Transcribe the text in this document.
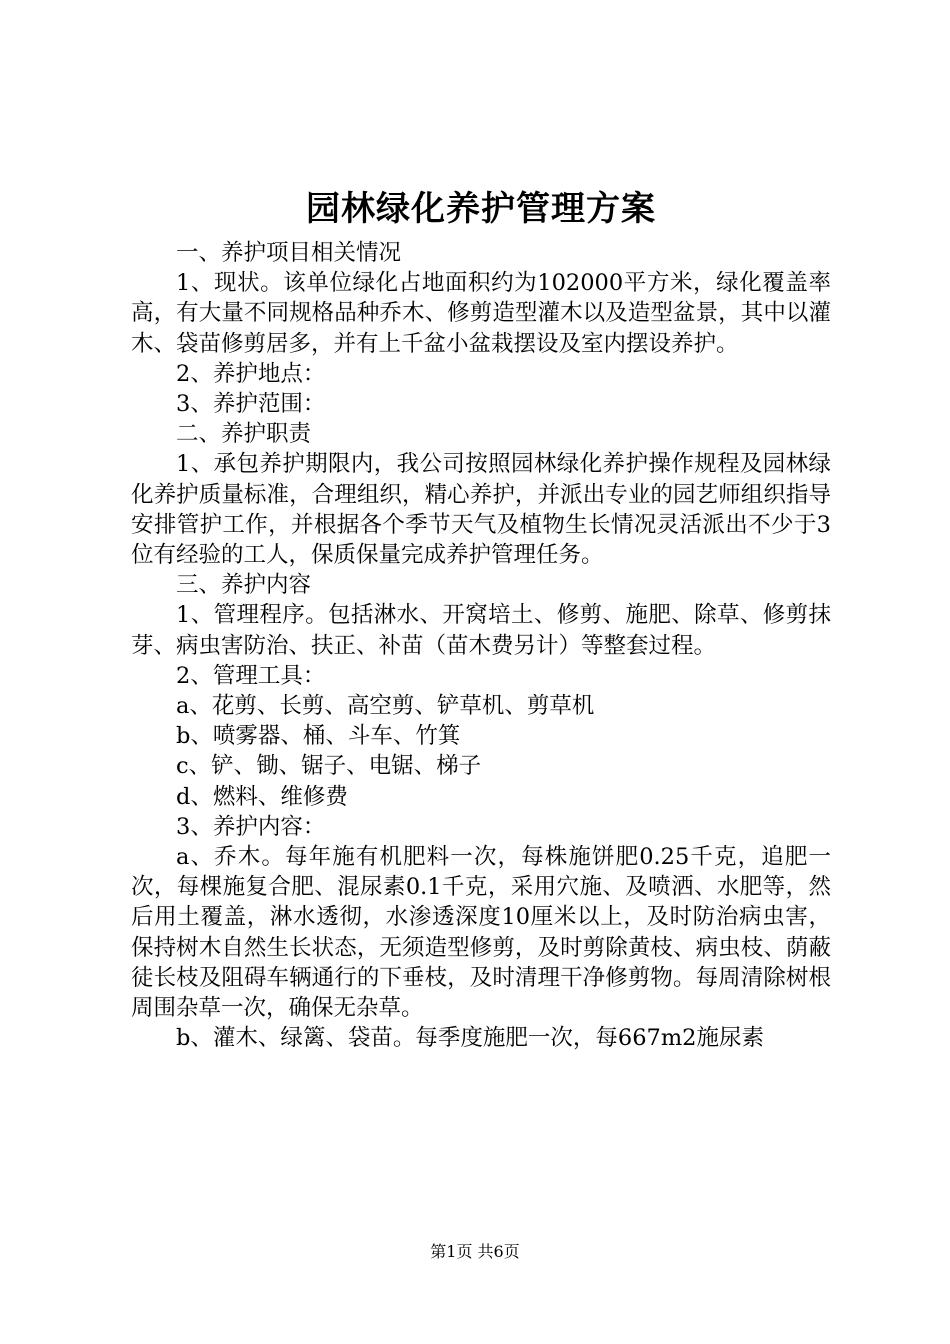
园林绿化养护管理方案

一、养护项目相关情况

1、现状。该单位绿化占地面积约为102000平方米，绿化覆盖率高，有大量不同规格品种乔木、修剪造型灌木以及造型盆景，其中以灌木、袋苗修剪居多，并有上千盆小盆栽摆设及室内摆设养护。

2、养护地点：

3、养护范围：

二、养护职责

1、承包养护期限内，我公司按照园林绿化养护操作规程及园林绿化养护质量标准，合理组织，精心养护，并派出专业的园艺师组织指导安排管护工作，并根据各个季节天气及植物生长情况灵活派出不少于3位有经验的工人，保质保量完成养护管理任务。

三、养护内容

1、管理程序。包括淋水、开窝培土、修剪、施肥、除草、修剪抹芽、病虫害防治、扶正、补苗（苗木费另计）等整套过程。

2、管理工具：

a、花剪、长剪、高空剪、铲草机、剪草机

b、喷雾器、桶、斗车、竹箕

c、铲、锄、锯子、电锯、梯子

d、燃料、维修费

3、养护内容：

a、乔木。每年施有机肥料一次，每株施饼肥0.25千克，追肥一次，每棵施复合肥、混尿素0.1千克，采用穴施、及喷洒、水肥等，然后用土覆盖，淋水透彻，水渗透深度10厘米以上，及时防治病虫害，保持树木自然生长状态，无须造型修剪，及时剪除黄枝、病虫枝、荫蔽徒长枝及阻碍车辆通行的下垂枝，及时清理干净修剪物。每周清除树根周围杂草一次，确保无杂草。

b、灌木、绿篱、袋苗。每季度施肥一次，每667m2施尿素

第1页 共6页
